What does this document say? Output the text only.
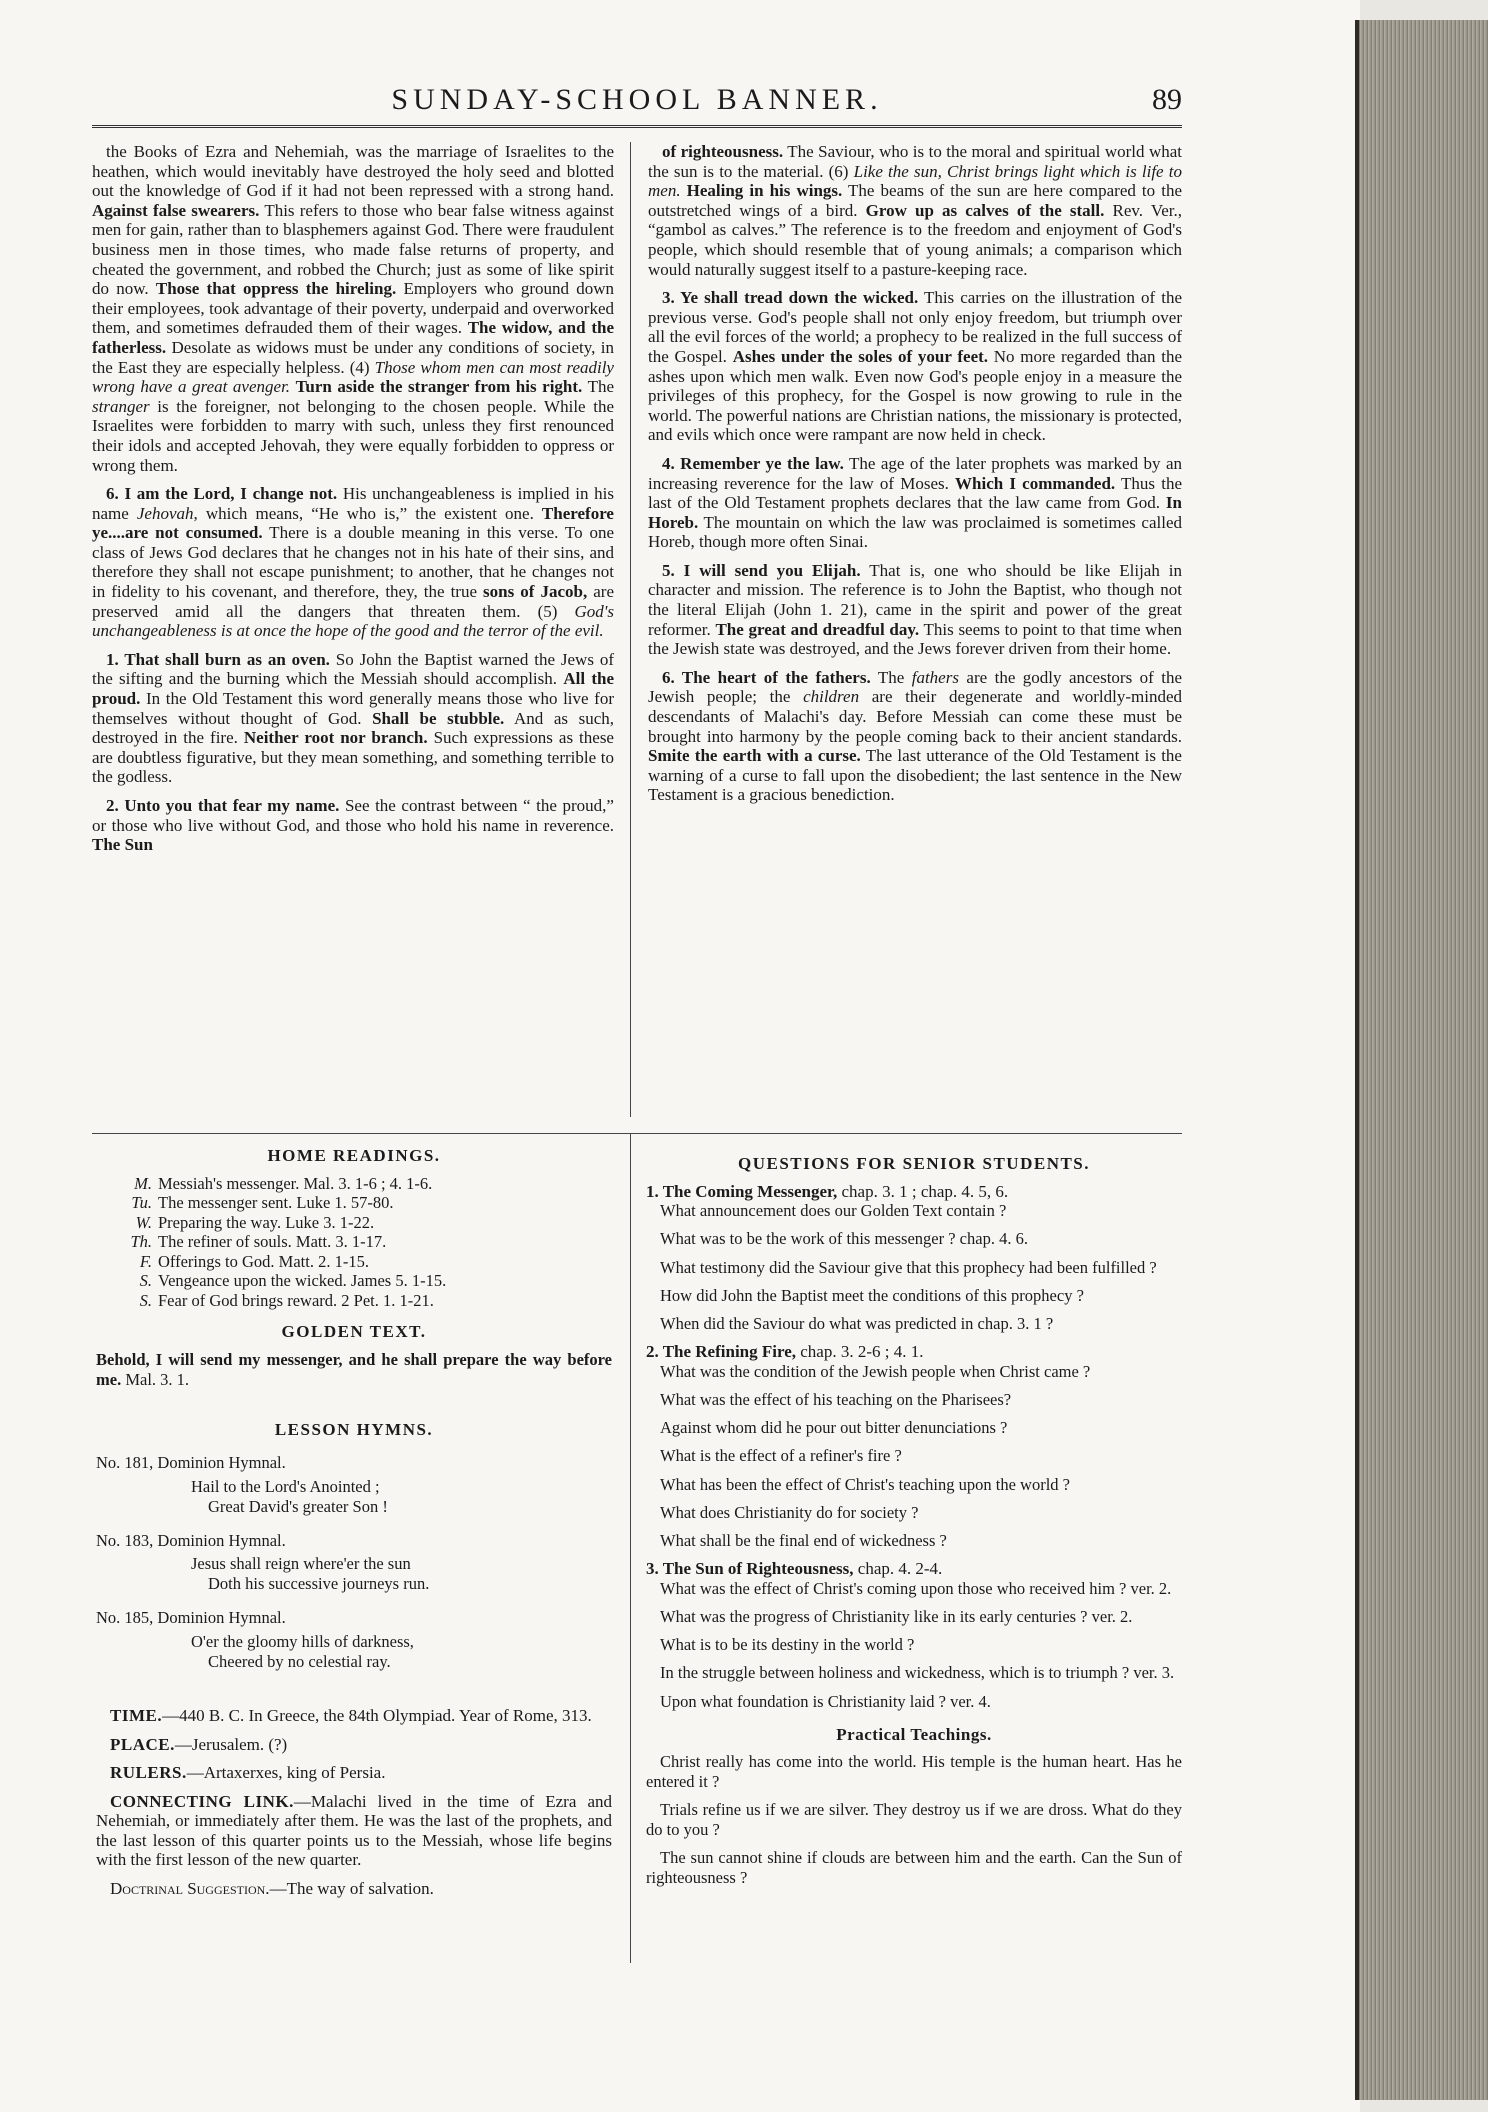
SUNDAY-SCHOOL BANNER.	89

the Books of Ezra and Nehemiah, was the marriage of Israelites to the heathen, which would inevitably have destroyed the holy seed and blotted out the knowledge of God if it had not been repressed with a strong hand. Against false swearers. This refers to those who bear false witness against men for gain, rather than to blasphemers against God. There were fraudulent business men in those times, who made false returns of property, and cheated the government, and robbed the Church; just as some of like spirit do now. Those that oppress the hireling. Employers who ground down their employees, took advantage of their poverty, underpaid and overworked them, and sometimes defrauded them of their wages. The widow, and the fatherless. Desolate as widows must be under any conditions of society, in the East they are especially helpless. (4) Those whom men can most readily wrong have a great avenger. Turn aside the stranger from his right. The stranger is the foreigner, not belonging to the chosen people. While the Israelites were forbidden to marry with such, unless they first renounced their idols and accepted Jehovah, they were equally forbidden to oppress or wrong them.

6. I am the Lord, I change not. His unchangeableness is implied in his name Jehovah, which means, “He who is,” the existent one. Therefore ye....are not consumed. There is a double meaning in this verse. To one class of Jews God declares that he changes not in his hate of their sins, and therefore they shall not escape punishment; to another, that he changes not in fidelity to his covenant, and therefore, they, the true sons of Jacob, are preserved amid all the dangers that threaten them. (5) God's unchangeableness is at once the hope of the good and the terror of the evil.

1. That shall burn as an oven. So John the Baptist warned the Jews of the sifting and the burning which the Messiah should accomplish. All the proud. In the Old Testament this word generally means those who live for themselves without thought of God. Shall be stubble. And as such, destroyed in the fire. Neither root nor branch. Such expressions as these are doubtless figurative, but they mean something, and something terrible to the godless.

2. Unto you that fear my name. See the contrast between “ the proud,” or those who live without God, and those who hold his name in reverence. The Sun

of righteousness. The Saviour, who is to the moral and spiritual world what the sun is to the material. (6) Like the sun, Christ brings light which is life to men. Healing in his wings. The beams of the sun are here compared to the outstretched wings of a bird. Grow up as calves of the stall. Rev. Ver., “gambol as calves.” The reference is to the freedom and enjoyment of God's people, which should resemble that of young animals; a comparison which would naturally suggest itself to a pasture-keeping race.

3. Ye shall tread down the wicked. This carries on the illustration of the previous verse. God's people shall not only enjoy freedom, but triumph over all the evil forces of the world; a prophecy to be realized in the full success of the Gospel. Ashes under the soles of your feet. No more regarded than the ashes upon which men walk. Even now God's people enjoy in a measure the privileges of this prophecy, for the Gospel is now growing to rule in the world. The powerful nations are Christian nations, the missionary is protected, and evils which once were rampant are now held in check.

4. Remember ye the law. The age of the later prophets was marked by an increasing reverence for the law of Moses. Which I commanded. Thus the last of the Old Testament prophets declares that the law came from God. In Horeb. The mountain on which the law was proclaimed is sometimes called Horeb, though more often Sinai.

5. I will send you Elijah. That is, one who should be like Elijah in character and mission. The reference is to John the Baptist, who though not the literal Elijah (John 1. 21), came in the spirit and power of the great reformer. The great and dreadful day. This seems to point to that time when the Jewish state was destroyed, and the Jews forever driven from their home.

6. The heart of the fathers. The fathers are the godly ancestors of the Jewish people; the children are their degenerate and worldly-minded descendants of Malachi's day. Before Messiah can come these must be brought into harmony by the people coming back to their ancient standards. Smite the earth with a curse. The last utterance of the Old Testament is the warning of a curse to fall upon the disobedient; the last sentence in the New Testament is a gracious benediction.

HOME READINGS.
M. Messiah's messenger. Mal. 3. 1-6 ; 4. 1-6.
Tu. The messenger sent. Luke 1. 57-80.
W. Preparing the way. Luke 3. 1-22.
Th. The refiner of souls. Matt. 3. 1-17.
F. Offerings to God. Matt. 2. 1-15.
S. Vengeance upon the wicked. James 5. 1-15.
S. Fear of God brings reward. 2 Pet. 1. 1-21.
GOLDEN TEXT.
Behold, I will send my messenger, and he shall prepare the way before me. Mal. 3. 1.
LESSON HYMNS.
No. 181, Dominion Hymnal.
Hail to the Lord's Anointed ;
Great David's greater Son !
No. 183, Dominion Hymnal.
Jesus shall reign where'er the sun
Doth his successive journeys run.
No. 185, Dominion Hymnal.
O'er the gloomy hills of darkness,
Cheered by no celestial ray.

TIME.—440 B. C. In Greece, the 84th Olympiad. Year of Rome, 313.

PLACE.—Jerusalem. (?)

RULERS.—Artaxerxes, king of Persia.

CONNECTING LINK.—Malachi lived in the time of Ezra and Nehemiah, or immediately after them. He was the last of the prophets, and the last lesson of this quarter points us to the Messiah, whose life begins with the first lesson of the new quarter.

Doctrinal Suggestion.—The way of salvation.

QUESTIONS FOR SENIOR STUDENTS.
1. The Coming Messenger, chap. 3. 1 ; chap. 4. 5, 6.

What announcement does our Golden Text contain ?

What was to be the work of this messenger ? chap. 4. 6.

What testimony did the Saviour give that this prophecy had been fulfilled ?

How did John the Baptist meet the conditions of this prophecy ?

When did the Saviour do what was predicted in chap. 3. 1 ?

2. The Refining Fire, chap. 3. 2-6 ; 4. 1.

What was the condition of the Jewish people when Christ came ?

What was the effect of his teaching on the Pharisees?

Against whom did he pour out bitter denunciations ?

What is the effect of a refiner's fire ?

What has been the effect of Christ's teaching upon the world ?

What does Christianity do for society ?

What shall be the final end of wickedness ?

3. The Sun of Righteousness, chap. 4. 2-4.

What was the effect of Christ's coming upon those who received him ? ver. 2.

What was the progress of Christianity like in its early centuries ? ver. 2.

What is to be its destiny in the world ?

In the struggle between holiness and wickedness, which is to triumph ? ver. 3.

Upon what foundation is Christianity laid ? ver. 4.

Practical Teachings.

Christ really has come into the world. His temple is the human heart. Has he entered it ?

Trials refine us if we are silver. They destroy us if we are dross. What do they do to you ?

The sun cannot shine if clouds are between him and the earth. Can the Sun of righteousness ?
